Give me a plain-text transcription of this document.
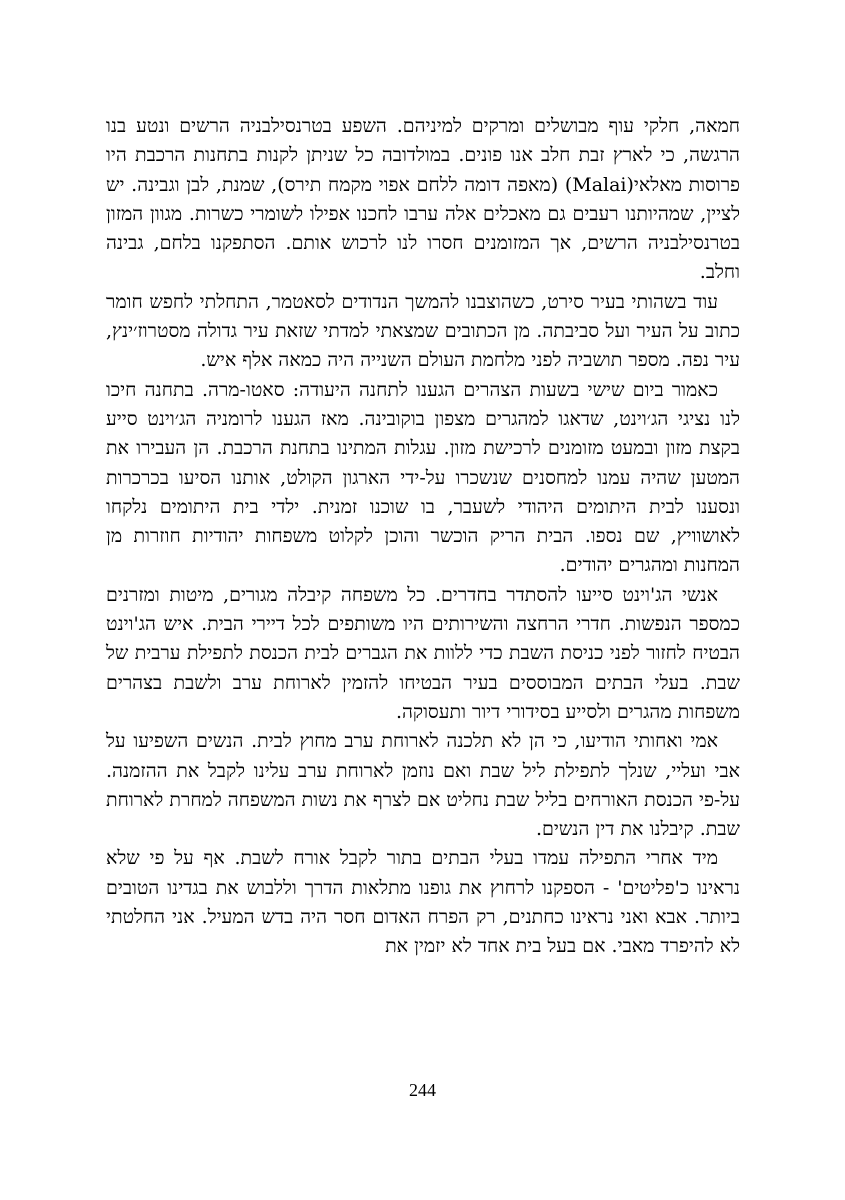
חמאה, חלקי עוף מבושלים ומרקים למיניהם. השפע בטרנסילבניה הרשים ונטע בנו הרגשה, כי לארץ זבת חלב אנו פונים. במולדובה כל שניתן לקנות בתחנות הרכבת היו פרוסות מאלאי(Malai) (מאפה דומה ללחם אפוי מקמח תירס), שמנת, לבן וגבינה. יש לציין, שמהיותנו רעבים גם מאכלים אלה ערבו לחכנו אפילו לשומרי כשרות. מגוון המזון בטרנסילבניה הרשים, אך המזומנים חסרו לנו לרכוש אותם. הסתפקנו בלחם, גבינה וחלב.

עוד בשהותי בעיר סירט, כשהוצבנו להמשך הנדודים לסאטמר, התחלתי לחפש חומר כתוב על העיר ועל סביבתה. מן הכתובים שמצאתי למדתי שזאת עיר גדולה מסטרוז׳ינץ, עיר נפה. מספר תושביה לפני מלחמת העולם השנייה היה כמאה אלף איש.

כאמור ביום שישי בשעות הצהרים הגענו לתחנה היעודה: סאטו-מרה. בתחנה חיכו לנו נציגי הג׳וינט, שדאגו למהגרים מצפון בוקובינה. מאז הגענו לרומניה הג׳וינט סייע בקצת מזון ובמעט מזומנים לרכישת מזון. עגלות המתינו בתחנת הרכבת. הן העבירו את המטען שהיה עמנו למחסנים שנשכרו על-ידי הארגון הקולט, אותנו הסיעו בכרכרות ונסענו לבית היתומים היהודי לשעבר, בו שוכנו זמנית. ילדי בית היתומים נלקחו לאושוויץ, שם נספו. הבית הריק הוכשר והוכן לקלוט משפחות יהודיות חוזרות מן המחנות ומהגרים יהודים.

אנשי הג'וינט סייעו להסתדר בחדרים. כל משפחה קיבלה מגורים, מיטות ומזרנים כמספר הנפשות. חדרי הרחצה והשירותים היו משותפים לכל דיירי הבית. איש הג'וינט הבטיח לחזור לפני כניסת השבת כדי ללוות את הגברים לבית הכנסת לתפילת ערבית של שבת. בעלי הבתים המבוססים בעיר הבטיחו להזמין לארוחת ערב ולשבת בצהרים משפחות מהגרים ולסייע בסידורי דיור ותעסוקה.

אמי ואחותי הודיעו, כי הן לא תלכנה לארוחת ערב מחוץ לבית. הנשים השפיעו על אבי ועליי, שנלך לתפילת ליל שבת ואם נוזמן לארוחת ערב עלינו לקבל את ההזמנה. על-פי הכנסת האורחים בליל שבת נחליט אם לצרף את נשות המשפחה למחרת לארוחת שבת. קיבלנו את דין הנשים.

מיד אחרי התפילה עמדו בעלי הבתים בתור לקבל אורח לשבת. אף על פי שלא נראינו כ'פליטים' - הספקנו לרחוץ את גופנו מתלאות הדרך וללבוש את בגדינו הטובים ביותר. אבא ואני נראינו כחתנים, רק הפרח האדום חסר היה בדש המעיל. אני החלטתי לא להיפרד מאבי. אם בעל בית אחד לא יזמין את

244
